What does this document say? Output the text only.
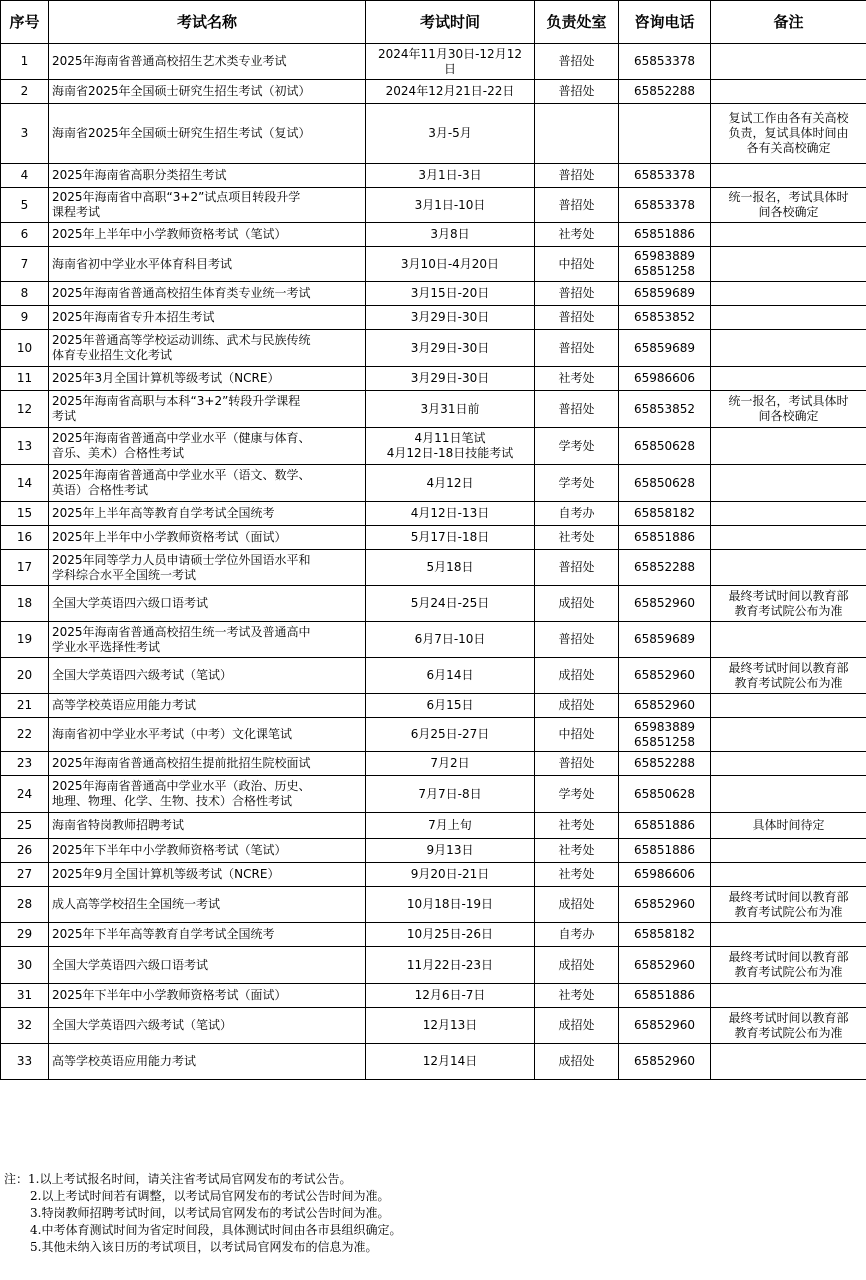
序号	考试名称	考试时间	负责处室	咨询电话	备注
1	2025年海南省普通高校招生艺术类专业考试	2024年11月30日-12月12
日	普招处	65853378	

2	海南省2025年全国硕士研究生招生考试（初试）	2024年12月21日-22日	普招处	65852288	

3	海南省2025年全国硕士研究生招生考试（复试）	3月-5月			复试工作由各有关高校
负责，复试具体时间由
各有关高校确定

4	2025年海南省高职分类招生考试	3月1日-3日	普招处	65853378	

5	2025年海南省中高职“3+2”试点项目转段升学
课程考试	3月1日-10日	普招处	65853378	统一报名，考试具体时
间各校确定

6	2025年上半年中小学教师资格考试（笔试）	3月8日	社考处	65851886	

7	海南省初中学业水平体育科目考试	3月10日-4月20日	中招处	65983889
65851258	

8	2025年海南省普通高校招生体育类专业统一考试	3月15日-20日	普招处	65859689	

9	2025年海南省专升本招生考试	3月29日-30日	普招处	65853852	

10	2025年普通高等学校运动训练、武术与民族传统
体育专业招生文化考试	3月29日-30日	普招处	65859689	

11	2025年3月全国计算机等级考试（NCRE）	3月29日-30日	社考处	65986606	

12	2025年海南省高职与本科“3+2”转段升学课程
考试	3月31日前	普招处	65853852	统一报名，考试具体时
间各校确定

13	2025年海南省普通高中学业水平（健康与体育、
音乐、美术）合格性考试	4月11日笔试
4月12日-18日技能考试	学考处	65850628	

14	2025年海南省普通高中学业水平（语文、数学、
英语）合格性考试	4月12日	学考处	65850628	

15	2025年上半年高等教育自学考试全国统考	4月12日-13日	自考办	65858182	

16	2025年上半年中小学教师资格考试（面试）	5月17日-18日	社考处	65851886	

17	2025年同等学力人员申请硕士学位外国语水平和
学科综合水平全国统一考试	5月18日	普招处	65852288	

18	全国大学英语四六级口语考试	5月24日-25日	成招处	65852960	最终考试时间以教育部
教育考试院公布为准

19	2025年海南省普通高校招生统一考试及普通高中
学业水平选择性考试	6月7日-10日	普招处	65859689	

20	全国大学英语四六级考试（笔试）	6月14日	成招处	65852960	最终考试时间以教育部
教育考试院公布为准

21	高等学校英语应用能力考试	6月15日	成招处	65852960	

22	海南省初中学业水平考试（中考）文化课笔试	6月25日-27日	中招处	65983889
65851258	

23	2025年海南省普通高校招生提前批招生院校面试	7月2日	普招处	65852288	

24	2025年海南省普通高中学业水平（政治、历史、
地理、物理、化学、生物、技术）合格性考试	7月7日-8日	学考处	65850628	

25	海南省特岗教师招聘考试	7月上旬	社考处	65851886	具体时间待定

26	2025年下半年中小学教师资格考试（笔试）	9月13日	社考处	65851886	

27	2025年9月全国计算机等级考试（NCRE）	9月20日-21日	社考处	65986606	

28	成人高等学校招生全国统一考试	10月18日-19日	成招处	65852960	最终考试时间以教育部
教育考试院公布为准

29	2025年下半年高等教育自学考试全国统考	10月25日-26日	自考办	65858182	

30	全国大学英语四六级口语考试	11月22日-23日	成招处	65852960	最终考试时间以教育部
教育考试院公布为准

31	2025年下半年中小学教师资格考试（面试）	12月6日-7日	社考处	65851886	

32	全国大学英语四六级考试（笔试）	12月13日	成招处	65852960	最终考试时间以教育部
教育考试院公布为准

33	高等学校英语应用能力考试	12月14日	成招处	65852960	

注：1.以上考试报名时间，请关注省考试局官网发布的考试公告。
2.以上考试时间若有调整，以考试局官网发布的考试公告时间为准。
3.特岗教师招聘考试时间，以考试局官网发布的考试公告时间为准。
4.中考体育测试时间为省定时间段，具体测试时间由各市县组织确定。
5.其他未纳入该日历的考试项目，以考试局官网发布的信息为准。
